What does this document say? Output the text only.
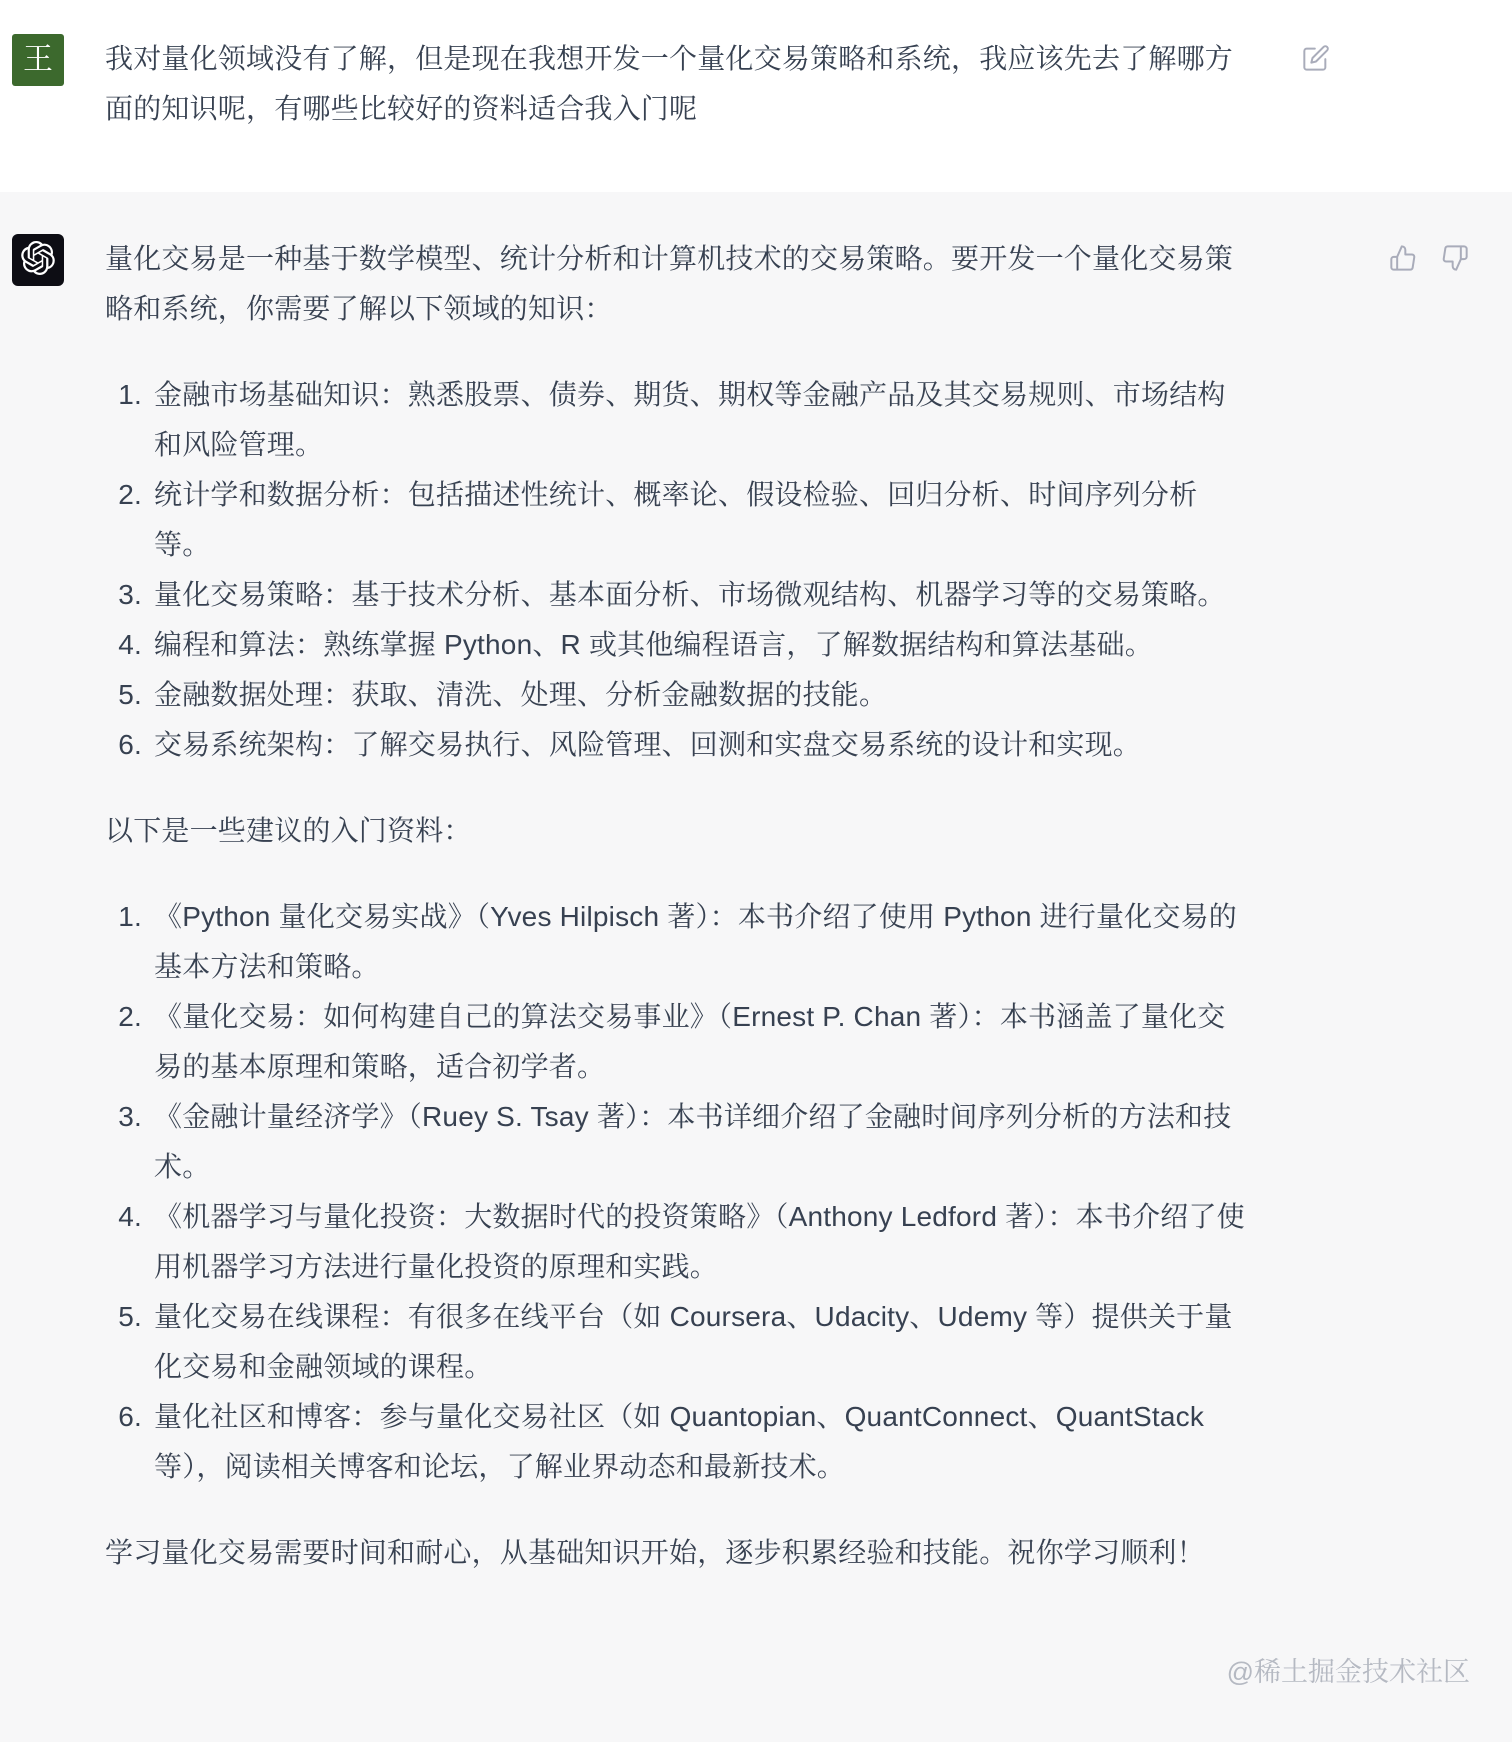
王	我对量化领域没有了解，但是现在我想开发一个量化交易策略和系统，我应该先去了解哪方面的知识呢，有哪些比较好的资料适合我入门呢

量化交易是一种基于数学模型、统计分析和计算机技术的交易策略。要开发一个量化交易策略和系统，你需要了解以下领域的知识：

1. 金融市场基础知识：熟悉股票、债券、期货、期权等金融产品及其交易规则、市场结构和风险管理。
2. 统计学和数据分析：包括描述性统计、概率论、假设检验、回归分析、时间序列分析等。
3. 量化交易策略：基于技术分析、基本面分析、市场微观结构、机器学习等的交易策略。
4. 编程和算法：熟练掌握 Python、R 或其他编程语言，了解数据结构和算法基础。
5. 金融数据处理：获取、清洗、处理、分析金融数据的技能。
6. 交易系统架构：了解交易执行、风险管理、回测和实盘交易系统的设计和实现。

以下是一些建议的入门资料：

1. 《Python 量化交易实战》（Yves Hilpisch 著）：本书介绍了使用 Python 进行量化交易的基本方法和策略。
2. 《量化交易：如何构建自己的算法交易事业》（Ernest P. Chan 著）：本书涵盖了量化交易的基本原理和策略，适合初学者。
3. 《金融计量经济学》（Ruey S. Tsay 著）：本书详细介绍了金融时间序列分析的方法和技术。
4. 《机器学习与量化投资：大数据时代的投资策略》（Anthony Ledford 著）：本书介绍了使用机器学习方法进行量化投资的原理和实践。
5. 量化交易在线课程：有很多在线平台（如 Coursera、Udacity、Udemy 等）提供关于量化交易和金融领域的课程。
6. 量化社区和博客：参与量化交易社区（如 Quantopian、QuantConnect、QuantStack 等），阅读相关博客和论坛，了解业界动态和最新技术。

学习量化交易需要时间和耐心，从基础知识开始，逐步积累经验和技能。祝你学习顺利！

@稀土掘金技术社区
